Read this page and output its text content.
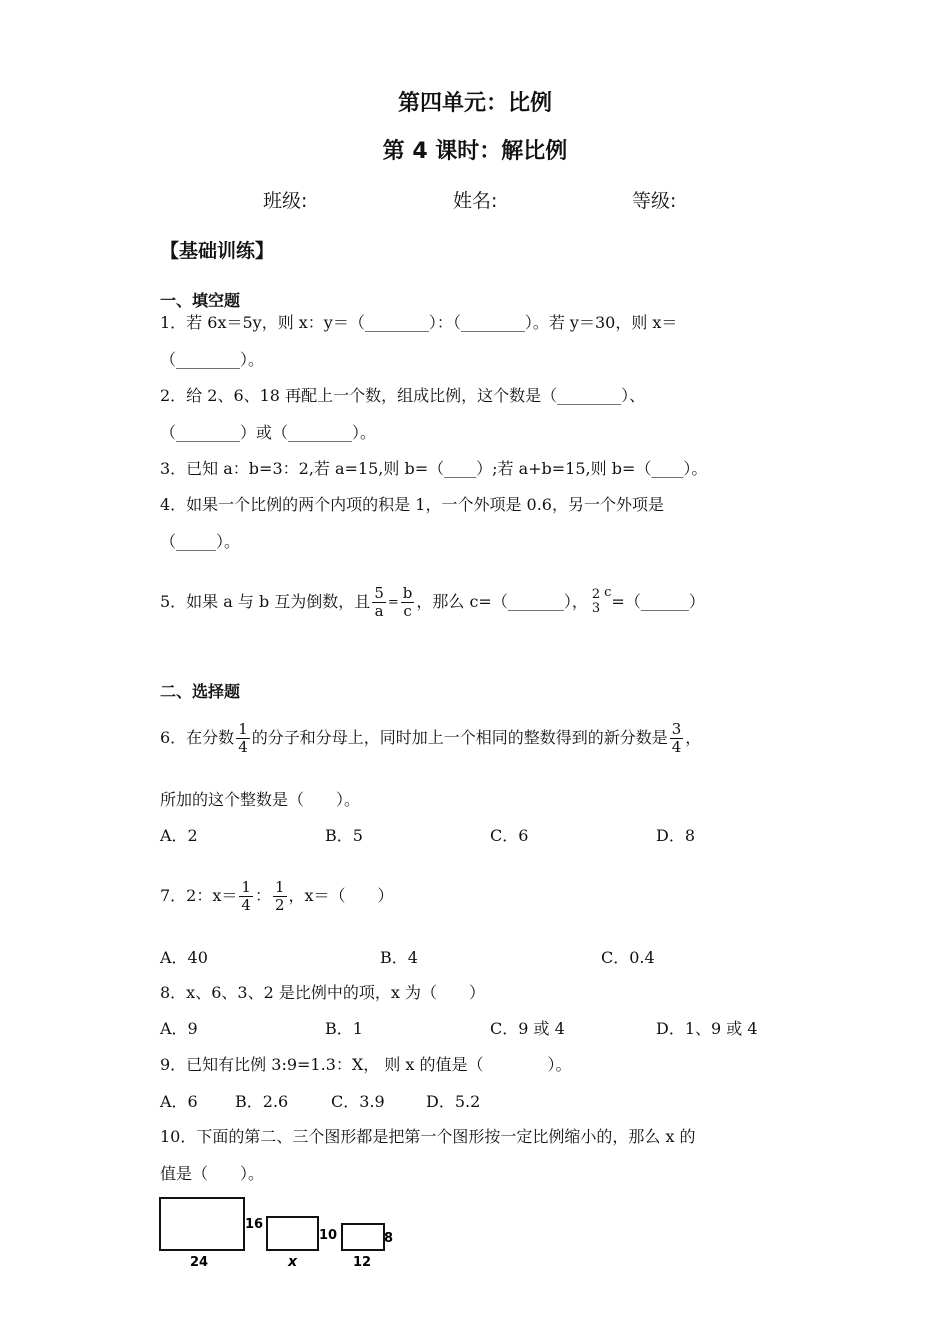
第四单元：比例
第 4 课时：解比例
班级:	姓名:	等级:
【基础训练】
一、填空题
1．若 6x＝5y，则 x：y＝（________）：（________）。若 y＝30，则 x＝
（________）。
2．给 2、6、18 再配上一个数，组成比例，这个数是（________）、
（________）或（________）。
3．已知 a：b=3：2,若 a=15,则 b=（____）;若 a+b=15,则 b=（____）。
4．如果一个比例的两个内项的积是 1，一个外项是 0.6，另一个外项是
（_____）。
5．如果 a 与 b 互为倒数，且 $\frac{5}{a} = \frac{b}{c}$ ，那么 c=（_______）， 2
3
c =（______）
二、选择题
6．在分数 $\frac{1}{4}$ 的分子和分母上，同时加上一个相同的整数得到的新分数是 $\frac{3}{4}$ ，
所加的这个整数是（　　）。
A．2	B．5	C．6	D．8
7．2：$x= \frac{1}{4}$ ： $\frac{1}{2}$ ，x＝（　　）
A．40	B．4	C．0.4
8．x、6、3、2 是比例中的项，x 为（　　）
A．9	B．1	C．9 或 4	D．1、9 或 4
9．已知有比例 3:9=1.3：X， 则 x 的值是（　　　　）。
A．6 B．2.6	C．3.9	D．5.2
10．下面的第二、三个图形都是把第一个图形按一定比例缩小的，那么 x 的
值是（　　）。
16
24
10
x
8
12
